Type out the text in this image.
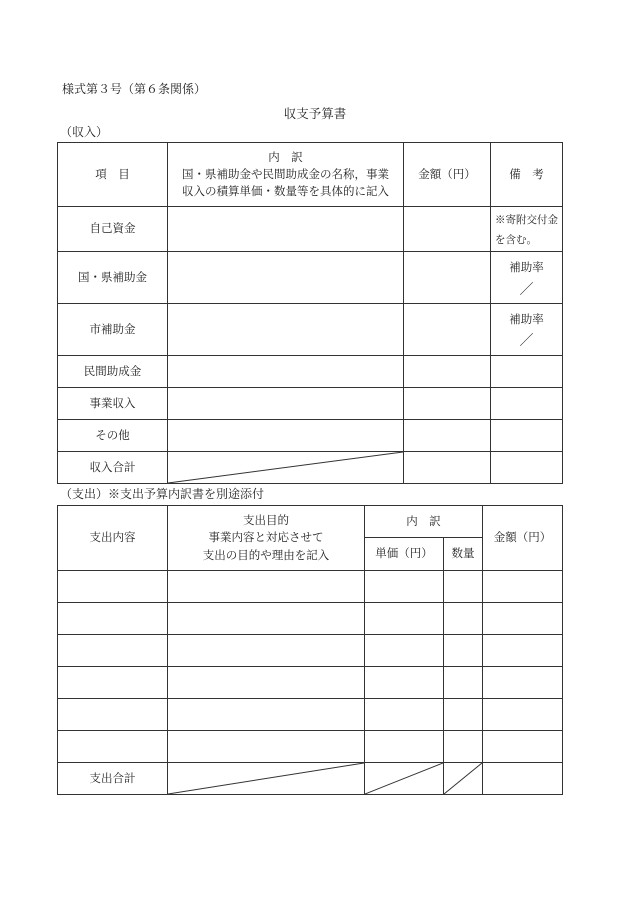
様式第３号（第６条関係）
収支予算書
（収入）
項　目	内　訳
国・県補助金や民間助成金の名称，事業
収入の積算単価・数量等を具体的に記入	金額（円）	備　考
自己資金			※寄附交付金
を含む。

国・県補助金			補助率
／

市補助金			補助率
／

民間助成金			
事業収入			
その他			
収入合計	

（支出）※支出予算内訳書を別途添付
支出内容	支出目的
事業内容と対応させて
支出の目的や理由を記入	内　訳		金額（円）
		単価（円）	数量	

支出合計	
